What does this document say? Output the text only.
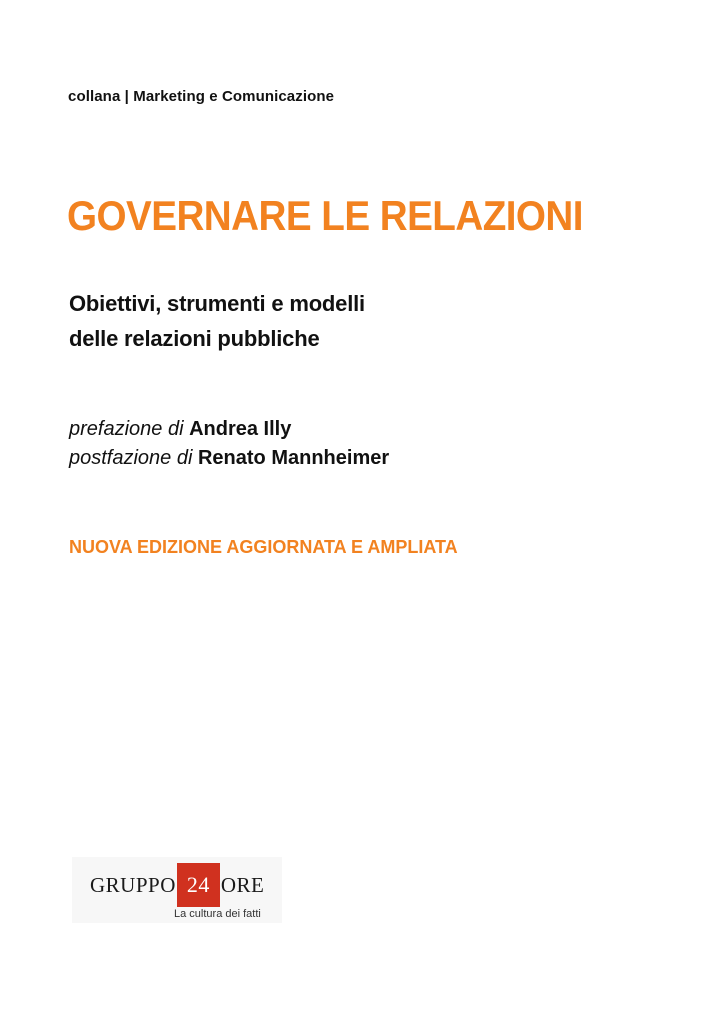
collana | Marketing e Comunicazione
GOVERNARE LE RELAZIONI
Obiettivi, strumenti e modelli
delle relazioni pubbliche
prefazione di Andrea Illy
postfazione di Renato Mannheimer
NUOVA EDIZIONE AGGIORNATA E AMPLIATA
GRUPPO 24 ORE
La cultura dei fatti
